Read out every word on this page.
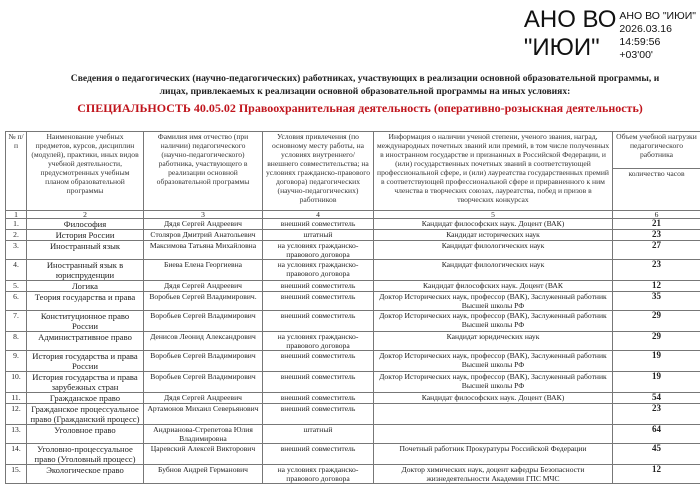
АНО ВО
"ИЮИ"
АНО ВО "ИЮИ"
2026.03.16
14:59:56
+03'00'
Сведения о педагогических (научно-педагогических) работниках, участвующих в реализации основной образовательной программы, и
лицах, привлекаемых к реализации основной образовательной программы на иных условиях:
СПЕЦИАЛЬНОСТЬ 40.05.02 Правоохранительная деятельность (оперативно-розыскная деятельность)
№ п/п	Наименование учебных предметов, курсов, дисциплин (модулей), практики, иных видов учебной деятельности, предусмотренных учебным планом образовательной программы	Фамилия имя отчество (при наличии) педагогического (научно-педагогического) работника, участвующего в реализации основной образовательной программы	Условия привлечения (по основному месту работы, на условиях внутреннего/ внешнего совместительства; на условиях гражданско-правового договора) педагогических (научно-педагогических) работников	Информация о наличии ученой степени, ученого звания, наград, международных почетных званий или премий, в том числе полученных в иностранном государстве и признанных в Российской Федерации, и (или) государственных почетных званий в соответствующей профессиональной сфере, и (или) лауреатства государственных премий в соответствующей профессиональной сфере и приравненного к ним членства в творческих союзах, лауреатства, побед и призов в творческих конкурсах	Объем учебной нагрузки педагогического работника
					количество часов
1	2	3	4	5	6
1.	Философия	Дядя Сергей Андреевич	внешний совместитель	Кандидат философских наук. Доцент (ВАК)	21
2.	История России	Столяров Дмитрий Анатольевич	штатный	Кандидат исторических наук	23
3.	Иностранный язык	Максимова Татьяна Михайловна	на условиях гражданско-правового договора	Кандидат филологических наук	27
4.	Иностранный язык в юриспруденции	Биева Елена Георгиевна	на условиях гражданско-правового договора	Кандидат филологических наук	23
5.	Логика	Дядя Сергей Андреевич	внешний совместитель	Кандидат философских наук. Доцент (ВАК	12
6.	Теория государства и права	Воробьев Сергей Владимирович.	внешний совместитель	Доктор Исторических наук, профессор (ВАК), Заслуженный работник Высшей школы РФ	35
7.	Конституционное право России	Воробьев Сергей Владимирович	внешний совместитель	Доктор Исторических наук, профессор (ВАК), Заслуженный работник Высшей школы РФ	29
8.	Административное право	Денисов Леонид Александрович	на условиях гражданско-правового договора	Кандидат юридических наук	29
9.	История государства и права России	Воробьев Сергей Владимирович	внешний совместитель	Доктор Исторических наук, профессор (ВАК), Заслуженный работник Высшей школы РФ	19
10.	История государства и права зарубежных стран	Воробьев Сергей Владимирович	внешний совместитель	Доктор Исторических наук, профессор (ВАК), Заслуженный работник Высшей школы РФ	19
11.	Гражданское право	Дядя Сергей Андреевич	внешний совместитель	Кандидат философских наук. Доцент (ВАК)	54
12.	Гражданское процессуальное право (Гражданский процесс)	Артамонов Михаил Северьянович	внешний совместитель		23
13.	Уголовное право	Андрианова-Стрепетова Юлия Владимировна	штатный		64
14.	Уголовно-процессуальное право (Уголовный процесс)	Царевский Алексей Викторович	внешний совместитель	Почетный работник Прокуратуры Российской Федерации	45
15.	Экологическое право	Бубнов Андрей Германович	на условиях гражданско-правового договора	Доктор химических наук, доцент кафедры Безопасности жизнедеятельности Академии ГПС МЧС	12
